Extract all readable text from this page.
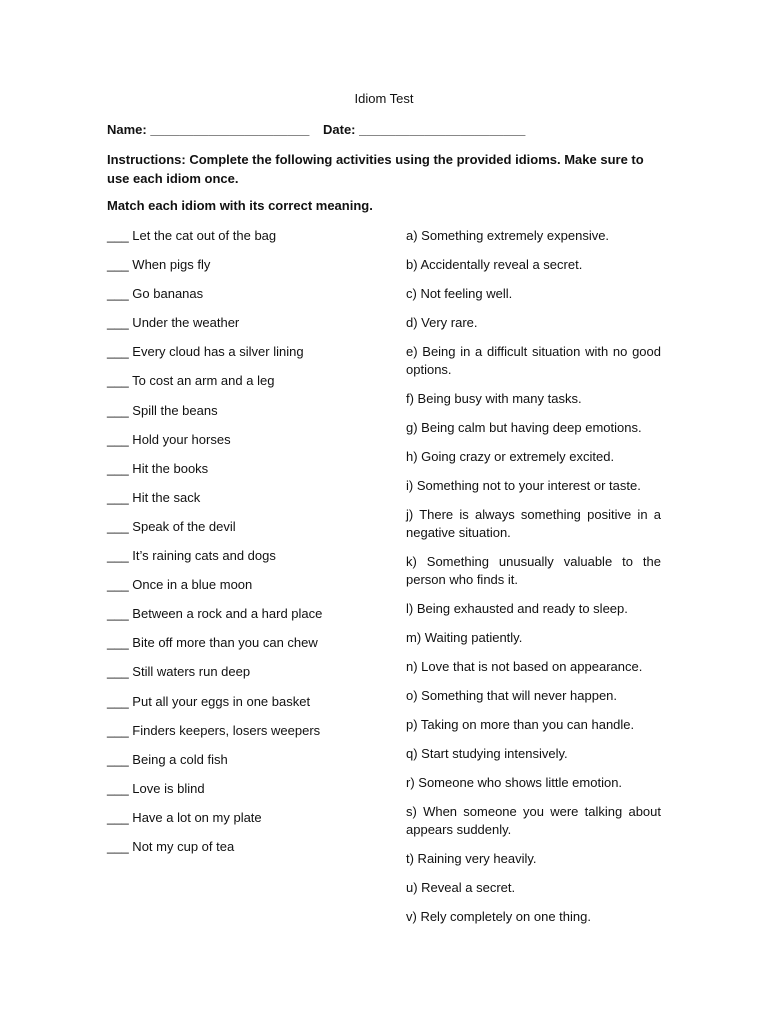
Idiom Test
Name: ______________________ Date: _______________________
Instructions: Complete the following activities using the provided idioms. Make sure to use each idiom once.
Match each idiom with its correct meaning.
___ Let the cat out of the bag
___ When pigs fly
___ Go bananas
___ Under the weather
___ Every cloud has a silver lining
___ To cost an arm and a leg
___ Spill the beans
___ Hold your horses
___ Hit the books
___ Hit the sack
___ Speak of the devil
___ It’s raining cats and dogs
___ Once in a blue moon
___ Between a rock and a hard place
___ Bite off more than you can chew
___ Still waters run deep
___ Put all your eggs in one basket
___ Finders keepers, losers weepers
___ Being a cold fish
___ Love is blind
___ Have a lot on my plate
___ Not my cup of tea
a) Something extremely expensive.
b) Accidentally reveal a secret.
c) Not feeling well.
d) Very rare.
e) Being in a difficult situation with no good options.
f) Being busy with many tasks.
g) Being calm but having deep emotions.
h) Going crazy or extremely excited.
i) Something not to your interest or taste.
j) There is always something positive in a negative situation.
k) Something unusually valuable to the person who finds it.
l) Being exhausted and ready to sleep.
m) Waiting patiently.
n) Love that is not based on appearance.
o) Something that will never happen.
p) Taking on more than you can handle.
q) Start studying intensively.
r) Someone who shows little emotion.
s) When someone you were talking about appears suddenly.
t) Raining very heavily.
u) Reveal a secret.
v) Rely completely on one thing.
